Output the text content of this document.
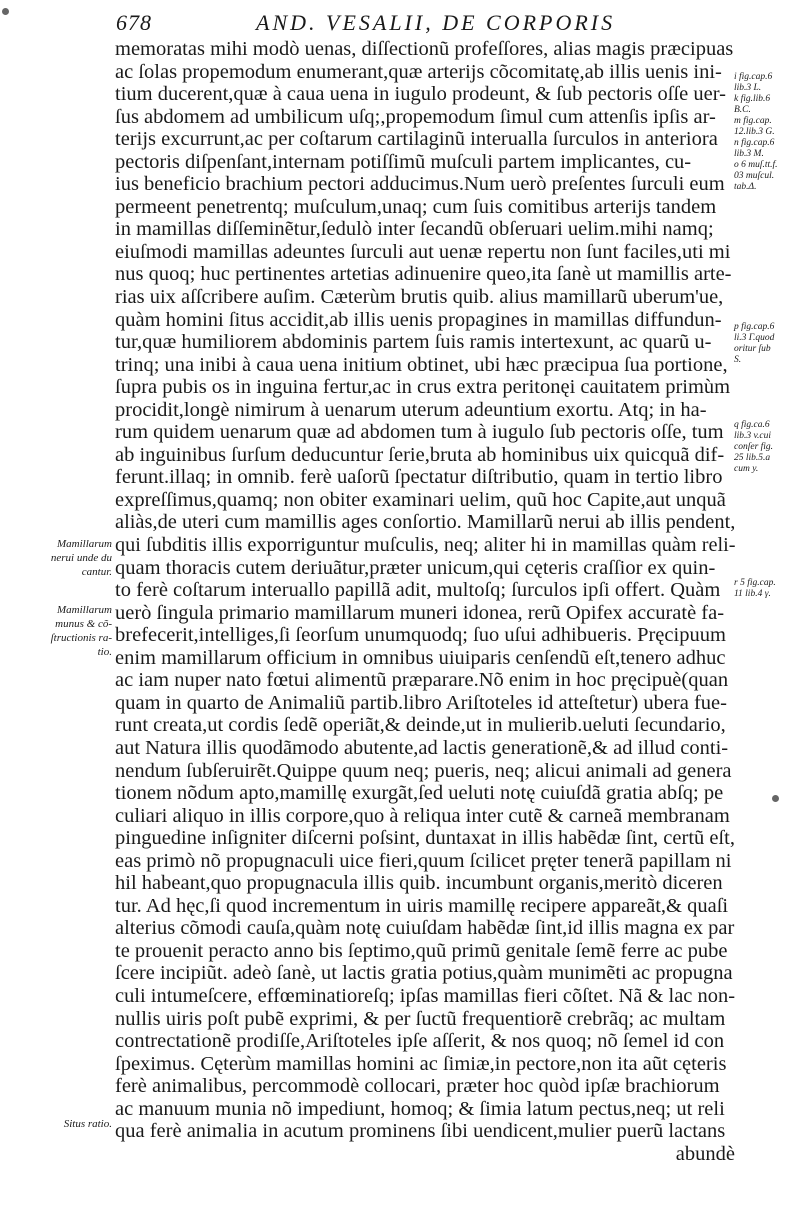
678	AND. VESALII, DE CORPORIS
memoratas mihi modò uenas, diſſectionũ profeſſores, alias magis præcipuas
ac ſolas propemodum enumerant,quæ arterijs cõcomitatę,ab illis uenis ini-
tium ducerent,quæ à caua uena in iugulo prodeunt, & ſub pectoris oſſe uer-
ſus abdomem ad umbilicum uſq;,propemodum ſimul cum attenſis ipſis ar-
terijs excurrunt,ac per coſtarum cartilaginũ interualla ſurculos in anteriora
pectoris diſpenſant,internam potiſſimũ muſculi partem implicantes, cu-
ius beneficio brachium pectori adducimus.Num uerò preſentes ſurculi eum
permeent penetrentq; muſculum,unaq; cum ſuis comitibus arterijs tandem
in mamillas diſſeminẽtur,ſedulò inter ſecandũ obſeruari uelim.mihi namq;
eiuſmodi mamillas adeuntes ſurculi aut uenæ repertu non ſunt faciles,uti mi
nus quoq; huc pertinentes artetias adinuenire queo,ita ſanè ut mamillis arte-
rias uix aſſcribere auſim. Cæterùm brutis quib. alius mamillarũ uberum'ue,
quàm homini ſitus accidit,ab illis uenis propagines in mamillas diffundun-
tur,quæ humiliorem abdominis partem ſuis ramis intertexunt, ac quarũ u-
trinq; una inibi à caua uena initium obtinet, ubi hæc præcipua ſua portione,
ſupra pubis os in inguina fertur,ac in crus extra peritonęi cauitatem primùm
procidit,longè nimirum à uenarum uterum adeuntium exortu. Atq; in ha-
rum quidem uenarum quæ ad abdomen tum à iugulo ſub pectoris oſſe, tum
ab inguinibus ſurſum deducuntur ſerie,bruta ab hominibus uix quicquã dif-
ferunt.illaq; in omnib. ferè uaſorũ ſpectatur diſtributio, quam in tertio libro
expreſſimus,quamq; non obiter examinari uelim, quũ hoc Capite,aut unquã
aliàs,de uteri cum mamillis ages conſortio. Mamillarũ nerui ab illis pendent,
qui ſubditis illis exporriguntur muſculis, neq; aliter hi in mamillas quàm reli-
quam thoracis cutem deriuãtur,præter unicum,qui cęteris craſſior ex quin-
to ferè coſtarum interuallo papillã adit, multoſq; ſurculos ipſi offert. Quàm
uerò ſingula primario mamillarum muneri idonea, rerũ Opifex accuratè fa-
brefecerit,intelliges,ſi ſeorſum unumquodq; ſuo uſui adhibueris. Pręcipuum
enim mamillarum officium in omnibus uiuiparis cenſendũ eſt,tenero adhuc
ac iam nuper nato fœtui alimentũ præparare.Nõ enim in hoc pręcipuè(quan
quam in quarto de Animaliũ partib.libro Ariſtoteles id atteſtetur) ubera fue-
runt creata,ut cordis ſedẽ operiãt,& deinde,ut in mulierib.ueluti ſecundario,
aut Natura illis quodãmodo abutente,ad lactis generationẽ,& ad illud conti-
nendum ſubſeruirẽt.Quippe quum neq; pueris, neq; alicui animali ad genera
tionem nõdum apto,mamillę exurgãt,ſed ueluti notę cuiuſdã gratia abſq; pe
culiari aliquo in illis corpore,quo à reliqua inter cutẽ & carneã membranam
pinguedine inſigniter diſcerni poſsint, duntaxat in illis habẽdæ ſint, certũ eſt,
eas primò nõ propugnaculi uice fieri,quum ſcilicet pręter tenerã papillam ni
hil habeant,quo propugnacula illis quib. incumbunt organis,meritò diceren
tur. Ad hęc,ſi quod incrementum in uiris mamillę recipere appareãt,& quaſi
alterius cõmodi cauſa,quàm notę cuiuſdam habẽdæ ſint,id illis magna ex par
te prouenit peracto anno bis ſeptimo,quũ primũ genitale ſemẽ ferre ac pube
ſcere incipiũt. adeò ſanè, ut lactis gratia potius,quàm munimẽti ac propugna
culi intumeſcere, effœminatioreſq; ipſas mamillas fieri cõſtet. Nã & lac non-
nullis uiris poſt pubẽ exprimi, & per ſuctũ frequentiorẽ crebrãq; ac multam
contrectationẽ prodiſſe,Ariſtoteles ipſe aſſerit, & nos quoq; nõ ſemel id con
ſpeximus. Cęterùm mamillas homini ac ſimiæ,in pectore,non ita aũt cęteris
ferè animalibus, percommodè collocari, præter hoc quòd ipſæ brachiorum
ac manuum munia nõ impediunt, homoq; & ſimia latum pectus,neq; ut reli
qua ferè animalia in acutum prominens ſibi uendicent,mulier puerũ lactans
abundè
Mamillarum
nerui unde du
cantur.
Mamillarum
munus & cõ-
ſtructionis ra-
tio.
Situs ratio.
i fig.cap.6
lib.3 L.
k fig.lib.6
B.C.
m fig.cap.
12.lib.3 G.
n fig.cap.6
lib.3 M.
o 6 muſ.tt.f.
03 muſcul.
tab.Δ.
p fig.cap.6
li.3 Γ.quod
oritur ſub
S.
q fig.ca.6
lib.3 v.cui
conſer fig.
25 lib.5.a
cum y.
r 5 fig.cap.
11 lib.4 γ.
